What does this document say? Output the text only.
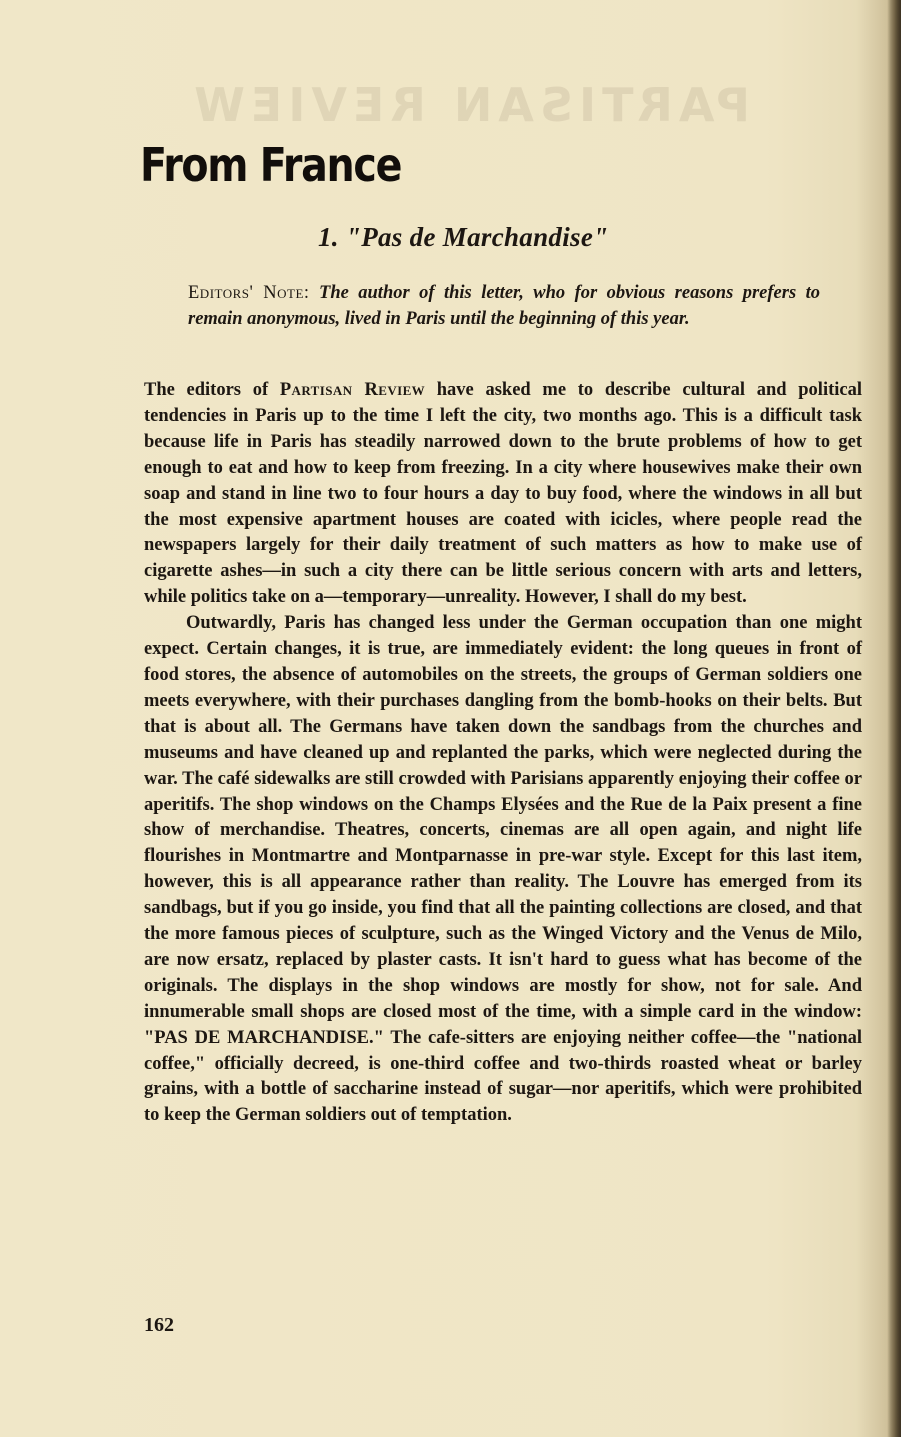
PARTISAN REVIEW
From France
1. "Pas de Marchandise"

Editors' Note: The author of this letter, who for obvious reasons prefers to remain anonymous, lived in Paris until the beginning of this year.

The editors of Partisan Review have asked me to describe cultural and political tendencies in Paris up to the time I left the city, two months ago. This is a difficult task because life in Paris has steadily narrowed down to the brute problems of how to get enough to eat and how to keep from freezing. In a city where housewives make their own soap and stand in line two to four hours a day to buy food, where the windows in all but the most expensive apartment houses are coated with icicles, where people read the newspapers largely for their daily treatment of such matters as how to make use of cigarette ashes—in such a city there can be little serious concern with arts and letters, while politics take on a—temporary—unreality. However, I shall do my best.

Outwardly, Paris has changed less under the German occupation than one might expect. Certain changes, it is true, are immediately evident: the long queues in front of food stores, the absence of automobiles on the streets, the groups of German soldiers one meets everywhere, with their purchases dangling from the bomb-hooks on their belts. But that is about all. The Germans have taken down the sandbags from the churches and museums and have cleaned up and replanted the parks, which were neglected during the war. The café sidewalks are still crowded with Parisians apparently enjoying their coffee or aperitifs. The shop windows on the Champs Elysées and the Rue de la Paix present a fine show of merchandise. Theatres, concerts, cinemas are all open again, and night life flourishes in Montmartre and Montparnasse in pre-war style. Except for this last item, however, this is all appearance rather than reality. The Louvre has emerged from its sandbags, but if you go inside, you find that all the painting collections are closed, and that the more famous pieces of sculpture, such as the Winged Victory and the Venus de Milo, are now ersatz, replaced by plaster casts. It isn't hard to guess what has become of the originals. The displays in the shop windows are mostly for show, not for sale. And innumerable small shops are closed most of the time, with a simple card in the window: "PAS DE MARCHANDISE." The cafe-sitters are enjoying neither coffee—the "national coffee," officially decreed, is one-third coffee and two-thirds roasted wheat or barley grains, with a bottle of saccharine instead of sugar—nor aperitifs, which were prohibited to keep the German soldiers out of temptation.

162
